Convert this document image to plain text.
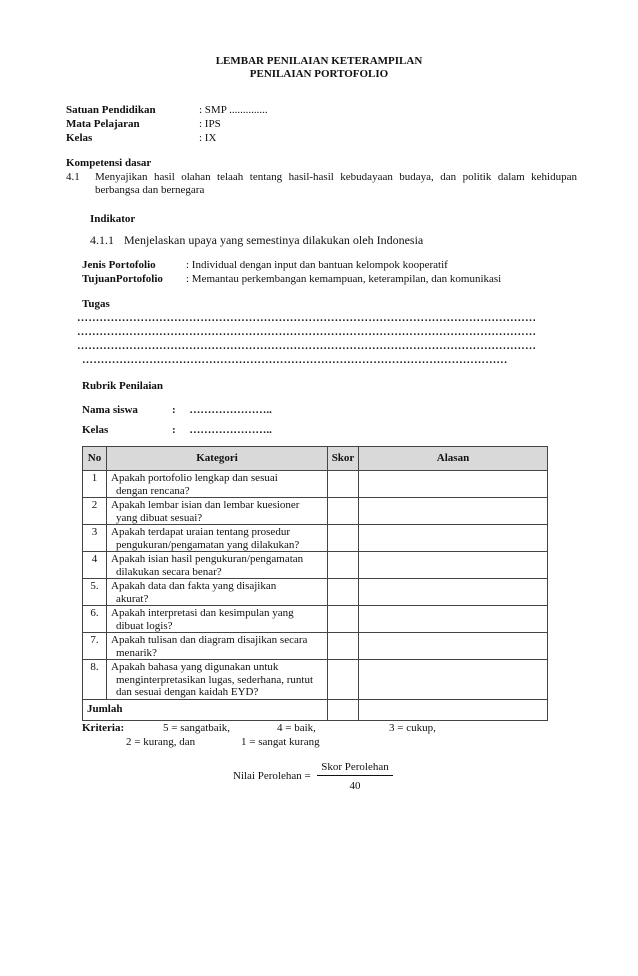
LEMBAR PENILAIAN KETERAMPILAN
PENILAIAN PORTOFOLIO
Satuan Pendidikan	: SMP ..............
Mata Pelajaran	: IPS
Kelas	: IX
Kompetensi dasar
4.1 Menyajikan hasil olahan telaah tentang hasil-hasil kebudayaan budaya, dan politik dalam kehidupan
berbangsa dan bernegara
Indikator
4.1.1 Menjelaskan upaya yang semestinya dilakukan oleh Indonesia
Jenis Portofolio	: Individual dengan input dan bantuan kelompok kooperatif
TujuanPortofolio : Memantau perkembangan kemampuan, keterampilan, dan komunikasi
Tugas
……………………………………………………………………………………………………………
……………………………………………………………………………………………………………
……………………………………………………………………………………………………………
……………………………………………………………………………………………………
Rubrik Penilaian
Nama siswa	:     …………………..
Kelas	:     …………………..
No	Kategori	Skor	Alasan
1	Apakah portofolio lengkap dan sesuai
dengan rencana?		

2	Apakah lembar isian dan lembar kuesioner
yang dibuat sesuai?		

3	Apakah terdapat uraian tentang prosedur
pengukuran/pengamatan yang dilakukan?		

4	Apakah isian hasil pengukuran/pengamatan
dilakukan secara benar?		

5.	Apakah data dan fakta yang disajikan
akurat?		

6.	Apakah interpretasi dan kesimpulan yang
dibuat logis?		

7.	Apakah tulisan dan diagram disajikan secara
menarik?		

8.	Apakah bahasa yang digunakan untuk
menginterpretasikan lugas, sederhana, runtut
dan sesuai dengan kaidah EYD?		

Jumlah			
Kriteria:	5 = sangatbaik,	4 = baik,	3 = cukup,
2 = kurang, dan	1 = sangat kurang
Nilai Perolehan =
Skor Perolehan
40
